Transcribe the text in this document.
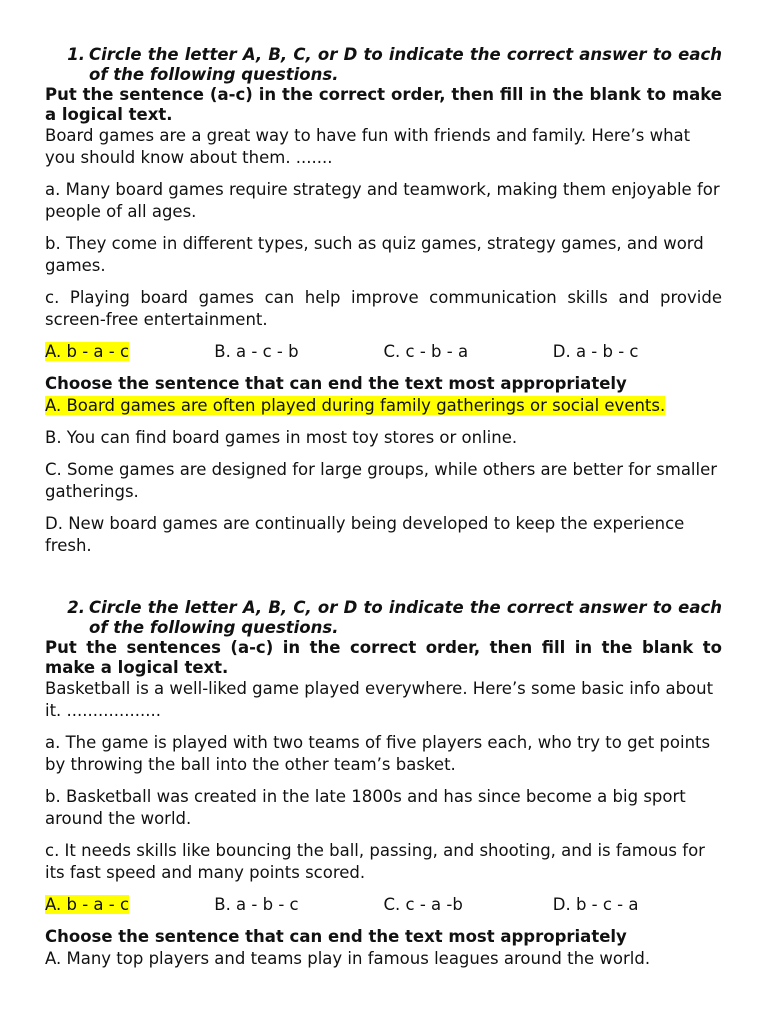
1. Circle the letter A, B, C, or D to indicate the correct answer to each of the following questions.

Put the sentence (a-c) in the correct order, then fill in the blank to make a logical text.

Board games are a great way to have fun with friends and family. Here’s what you should know about them. .......

a. Many board games require strategy and teamwork, making them enjoyable for people of all ages.

b. They come in different types, such as quiz games, strategy games, and word games.

c. Playing board games can help improve communication skills and provide screen-free entertainment.

A. b - a - c	B. a - c - b	C. c - b - a	D. a - b - c

Choose the sentence that can end the text most appropriately

A. Board games are often played during family gatherings or social events.

B. You can find board games in most toy stores or online.

C. Some games are designed for large groups, while others are better for smaller gatherings.

D. New board games are continually being developed to keep the experience fresh.

2. Circle the letter A, B, C, or D to indicate the correct answer to each of the following questions.

Put the sentences (a-c) in the correct order, then fill in the blank to make a logical text.

Basketball is a well-liked game played everywhere. Here’s some basic info about it. ..................

a. The game is played with two teams of five players each, who try to get points by throwing the ball into the other team’s basket.

b. Basketball was created in the late 1800s and has since become a big sport around the world.

c. It needs skills like bouncing the ball, passing, and shooting, and is famous for its fast speed and many points scored.

A. b - a - c	B. a - b - c	C. c - a -b	D. b - c - a

Choose the sentence that can end the text most appropriately

A. Many top players and teams play in famous leagues around the world.
